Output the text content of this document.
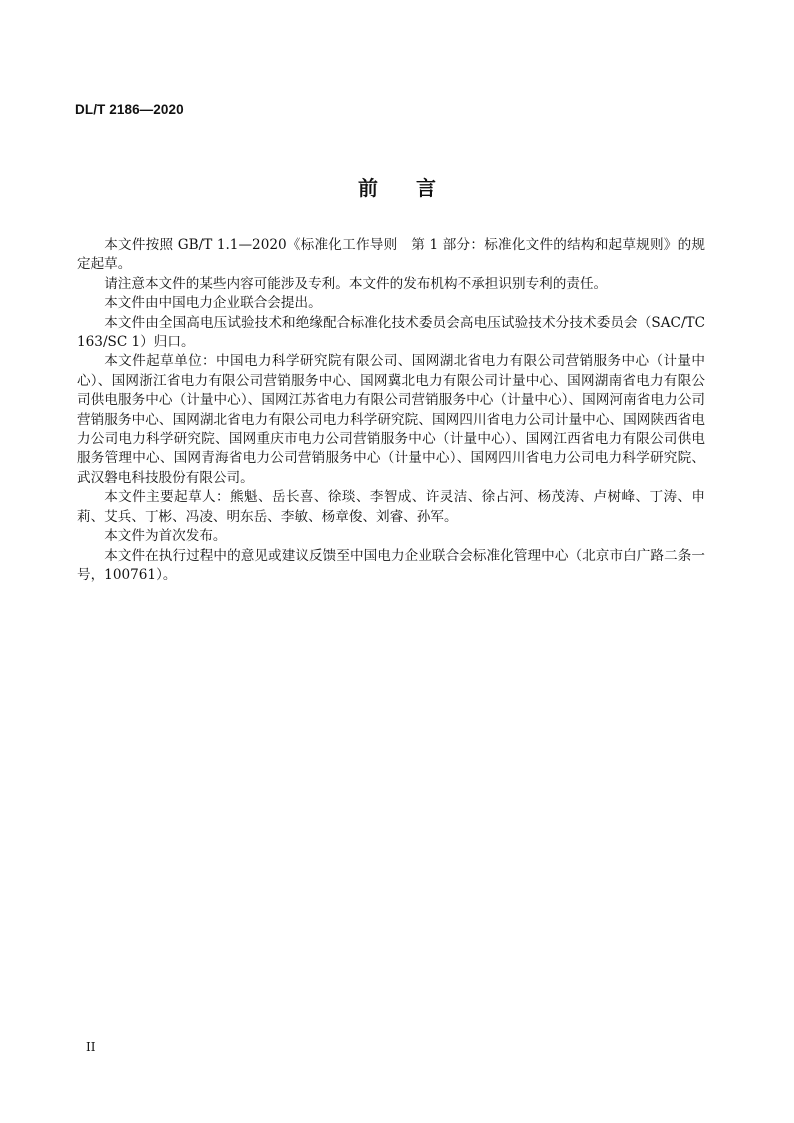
DL/T 2186—2020
前言

本文件按照 GB/T 1.1—2020《标准化工作导则　第 1 部分：标准化文件的结构和起草规则》的规定起草。

请注意本文件的某些内容可能涉及专利。本文件的发布机构不承担识别专利的责任。

本文件由中国电力企业联合会提出。

本文件由全国高电压试验技术和绝缘配合标准化技术委员会高电压试验技术分技术委员会（SAC/TC 163/SC 1）归口。

本文件起草单位：中国电力科学研究院有限公司、国网湖北省电力有限公司营销服务中心（计量中心）、国网浙江省电力有限公司营销服务中心、国网冀北电力有限公司计量中心、国网湖南省电力有限公司供电服务中心（计量中心）、国网江苏省电力有限公司营销服务中心（计量中心）、国网河南省电力公司营销服务中心、国网湖北省电力有限公司电力科学研究院、国网四川省电力公司计量中心、国网陕西省电力公司电力科学研究院、国网重庆市电力公司营销服务中心（计量中心）、国网江西省电力有限公司供电服务管理中心、国网青海省电力公司营销服务中心（计量中心）、国网四川省电力公司电力科学研究院、武汉磐电科技股份有限公司。

本文件主要起草人：熊魁、岳长喜、徐琰、李智成、许灵洁、徐占河、杨茂涛、卢树峰、丁涛、申莉、艾兵、丁彬、冯凌、明东岳、李敏、杨章俊、刘睿、孙军。

本文件为首次发布。

本文件在执行过程中的意见或建议反馈至中国电力企业联合会标准化管理中心（北京市白广路二条一号，100761）。

II
